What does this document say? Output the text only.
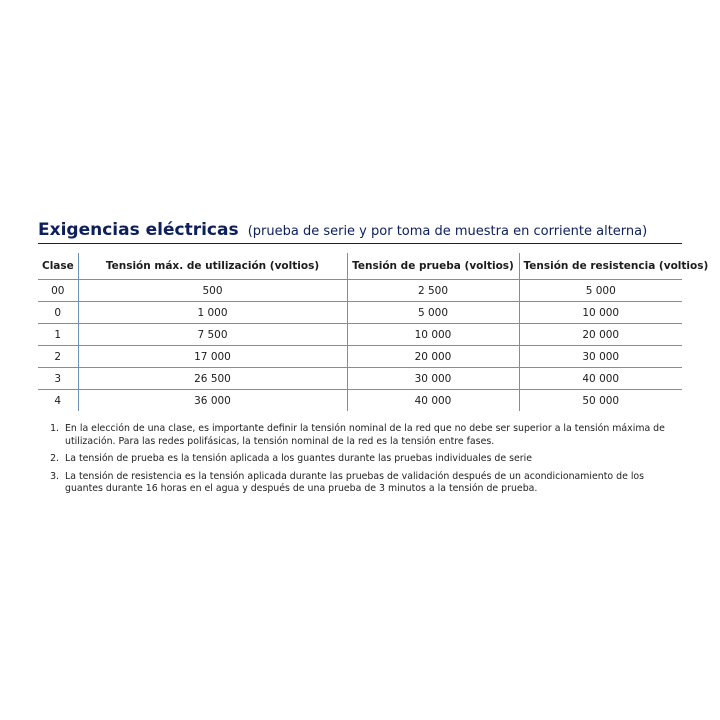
Exigencias eléctricas (prueba de serie y por toma de muestra en corriente alterna)
Clase	Tensión máx. de utilización (voltios)	Tensión de prueba (voltios)	Tensión de resistencia (voltios)
00	500	2 500	5 000
0	1 000	5 000	10 000
1	7 500	10 000	20 000
2	17 000	20 000	30 000
3	26 500	30 000	40 000
4	36 000	40 000	50 000
1. En la elección de una clase, es importante definir la tensión nominal de la red que no debe ser superior a la tensión máxima de utilización. Para las redes polifásicas, la tensión nominal de la red es la tensión entre fases.
2. La tensión de prueba es la tensión aplicada a los guantes durante las pruebas individuales de serie
3. La tensión de resistencia es la tensión aplicada durante las pruebas de validación después de un acondicionamiento de los guantes durante 16 horas en el agua y después de una prueba de 3 minutos a la tensión de prueba.
